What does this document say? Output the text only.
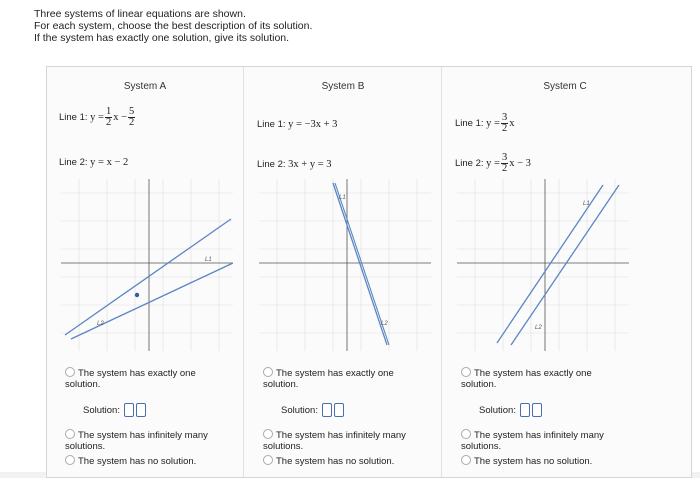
Three systems of linear equations are shown.
For each system, choose the best description of its solution.
If the system has exactly one solution, give its solution.
System A
Line 1:
$y = \frac{1}{2}$ $x - \frac{5}{2}$
Line 2:
y = x − 2
L1
L2
The system has exactly one
solution.
Solution:
The system has infinitely many
solutions.
The system has no solution.
System B
Line 1:
y = −3x + 3
Line 2:
3x + y = 3
L1
L2
The system has exactly one
solution.
Solution:
The system has infinitely many
solutions.
The system has no solution.
System C
Line 1:
$y = \frac{3}{2}$ x
Line 2:
$y = \frac{3}{2}$ x − 3
L1
L2
The system has exactly one
solution.
Solution:
The system has infinitely many
solutions.
The system has no solution.
